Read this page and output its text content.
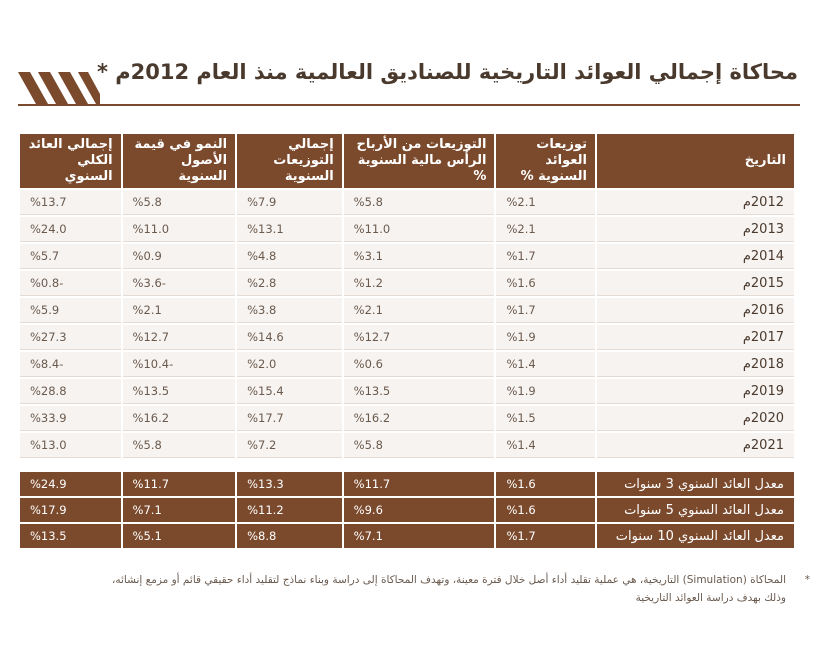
محاكاة إجمالي العوائد التاريخية للصناديق العالمية منذ العام 2012م *
التاريخ	توزيعات العوائد السنوية %	التوزيعات من الأرباح الرأس مالية السنوية %	إجمالي التوزيعات السنوية	النمو في قيمة الأصول السنوية	إجمالي العائد الكلي السنوي
2012م	%2.1	%5.8	%7.9	%5.8	%13.7
2013م	%2.1	%11.0	%13.1	%11.0	%24.0
2014م	%1.7	%3.1	%4.8	%0.9	%5.7
2015م	%1.6	%1.2	%2.8	%3.6-	%0.8-
2016م	%1.7	%2.1	%3.8	%2.1	%5.9
2017م	%1.9	%12.7	%14.6	%12.7	%27.3
2018م	%1.4	%0.6	%2.0	%10.4-	%8.4-
2019م	%1.9	%13.5	%15.4	%13.5	%28.8
2020م	%1.5	%16.2	%17.7	%16.2	%33.9
2021م	%1.4	%5.8	%7.2	%5.8	%13.0
معدل العائد السنوي 3 سنوات	%1.6	%11.7	%13.3	%11.7	%24.9
معدل العائد السنوي 5 سنوات	%1.6	%9.6	%11.2	%7.1	%17.9
معدل العائد السنوي 10 سنوات	%1.7	%7.1	%8.8	%5.1	%13.5
*
المحاكاة (Simulation) التاريخية، هي عملية تقليد أداء أصل خلال فترة معينة، وتهدف المحاكاة إلى دراسة وبناء نماذج لتقليد أداء حقيقي قائم أو مزمع إنشائه،
وذلك بهدف دراسة العوائد التاريخية
